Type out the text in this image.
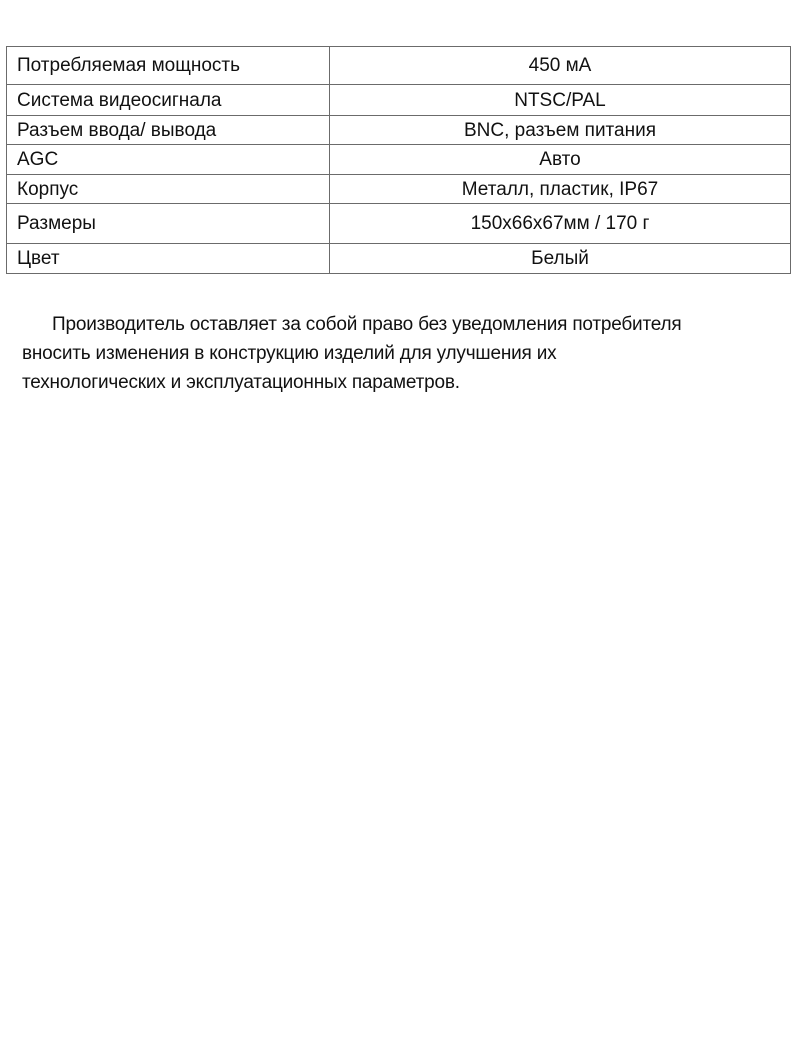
Потребляемая мощность	450 мА
Система видеосигнала	NTSC/PAL
Разъем ввода/ вывода	BNC, разъем питания
AGC	Авто
Корпус	Металл, пластик, IP67
Размеры	150х66х67мм / 170 г
Цвет	Белый

Производитель оставляет за собой право без уведомления потребителя
вносить изменения в конструкцию изделий для улучшения их
технологических и эксплуатационных параметров.
